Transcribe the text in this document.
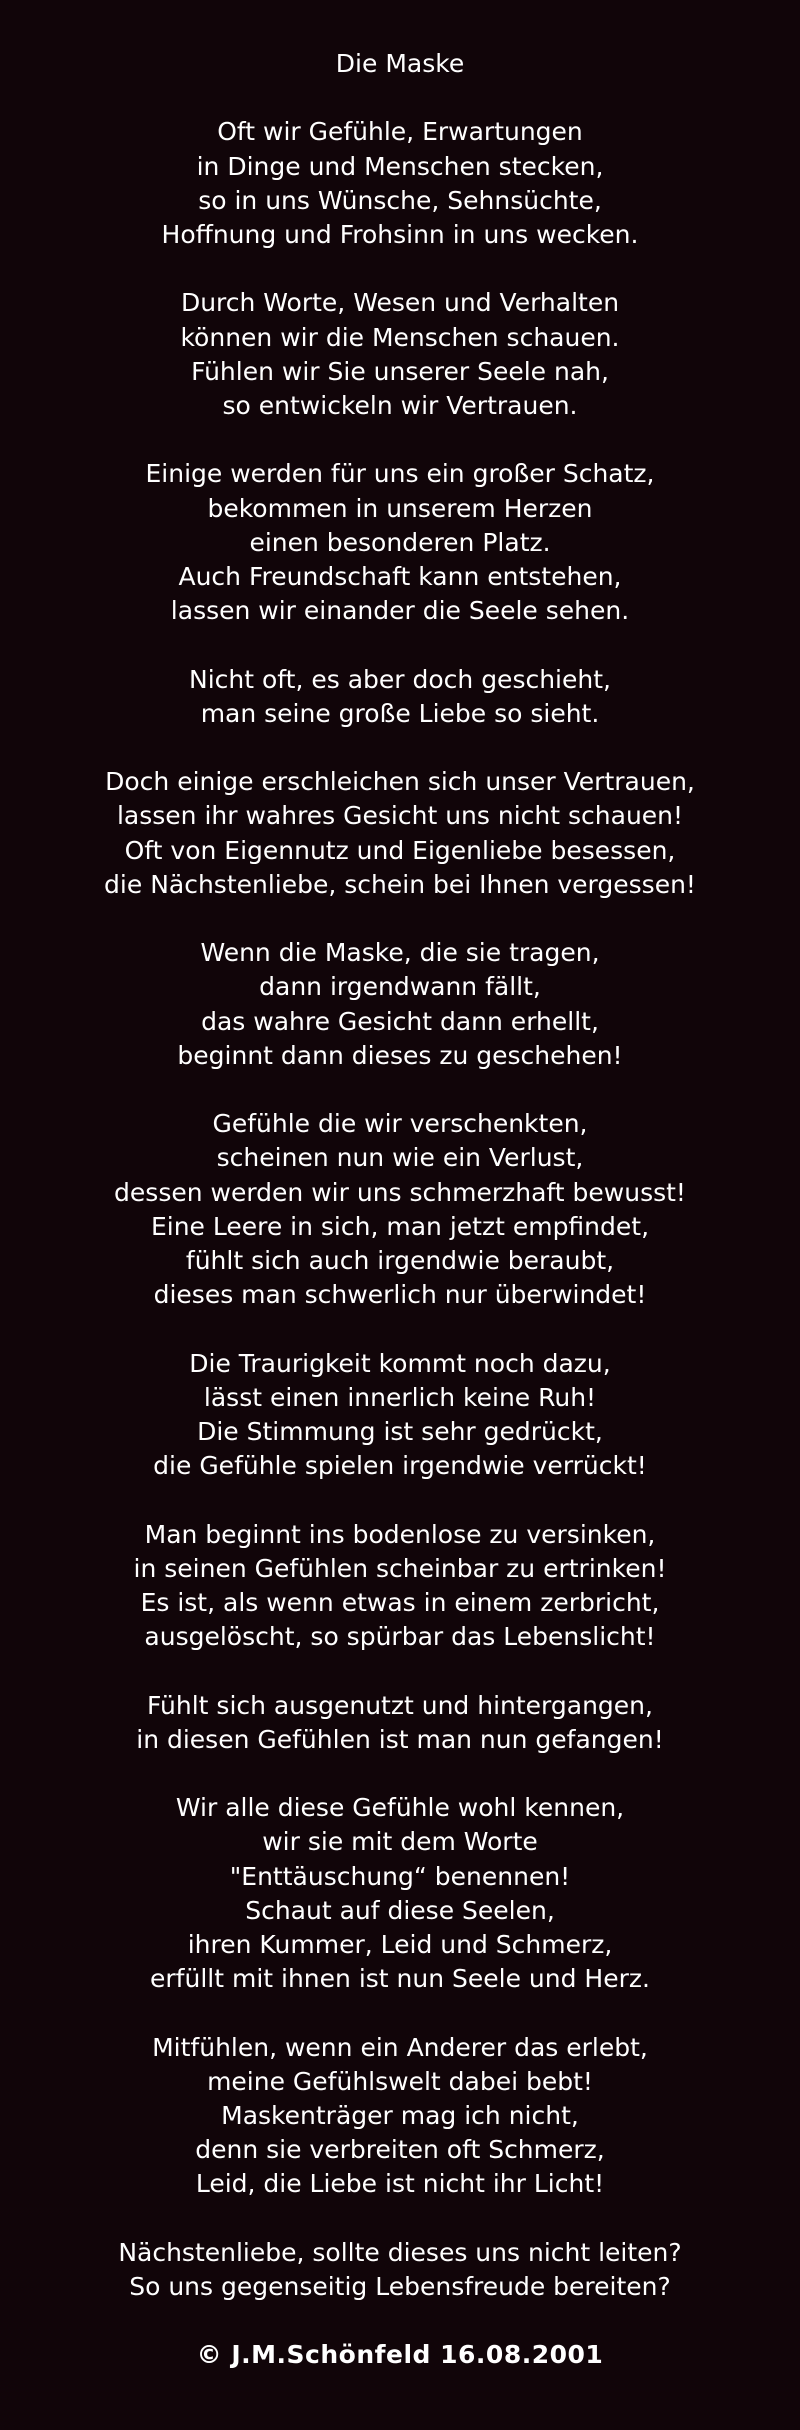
Die Maske
Oft wir Gefühle, Erwartungen
in Dinge und Menschen stecken,
so in uns Wünsche, Sehnsüchte,
Hoffnung und Frohsinn in uns wecken.
Durch Worte, Wesen und Verhalten
können wir die Menschen schauen.
Fühlen wir Sie unserer Seele nah,
so entwickeln wir Vertrauen.
Einige werden für uns ein großer Schatz,
bekommen in unserem Herzen
einen besonderen Platz.
Auch Freundschaft kann entstehen,
lassen wir einander die Seele sehen.
Nicht oft, es aber doch geschieht,
man seine große Liebe so sieht.
Doch einige erschleichen sich unser Vertrauen,
lassen ihr wahres Gesicht uns nicht schauen!
Oft von Eigennutz und Eigenliebe besessen,
die Nächstenliebe, schein bei Ihnen vergessen!
Wenn die Maske, die sie tragen,
dann irgendwann fällt,
das wahre Gesicht dann erhellt,
beginnt dann dieses zu geschehen!
Gefühle die wir verschenkten,
scheinen nun wie ein Verlust,
dessen werden wir uns schmerzhaft bewusst!
Eine Leere in sich, man jetzt empfindet,
fühlt sich auch irgendwie beraubt,
dieses man schwerlich nur überwindet!
Die Traurigkeit kommt noch dazu,
lässt einen innerlich keine Ruh!
Die Stimmung ist sehr gedrückt,
die Gefühle spielen irgendwie verrückt!
Man beginnt ins bodenlose zu versinken,
in seinen Gefühlen scheinbar zu ertrinken!
Es ist, als wenn etwas in einem zerbricht,
ausgelöscht, so spürbar das Lebenslicht!
Fühlt sich ausgenutzt und hintergangen,
in diesen Gefühlen ist man nun gefangen!
Wir alle diese Gefühle wohl kennen,
wir sie mit dem Worte
"Enttäuschung“ benennen!
Schaut auf diese Seelen,
ihren Kummer, Leid und Schmerz,
erfüllt mit ihnen ist nun Seele und Herz.
Mitfühlen, wenn ein Anderer das erlebt,
meine Gefühlswelt dabei bebt!
Maskenträger mag ich nicht,
denn sie verbreiten oft Schmerz,
Leid, die Liebe ist nicht ihr Licht!
Nächstenliebe, sollte dieses uns nicht leiten?
So uns gegenseitig Lebensfreude bereiten?

© J.M.Schönfeld 16.08.2001
